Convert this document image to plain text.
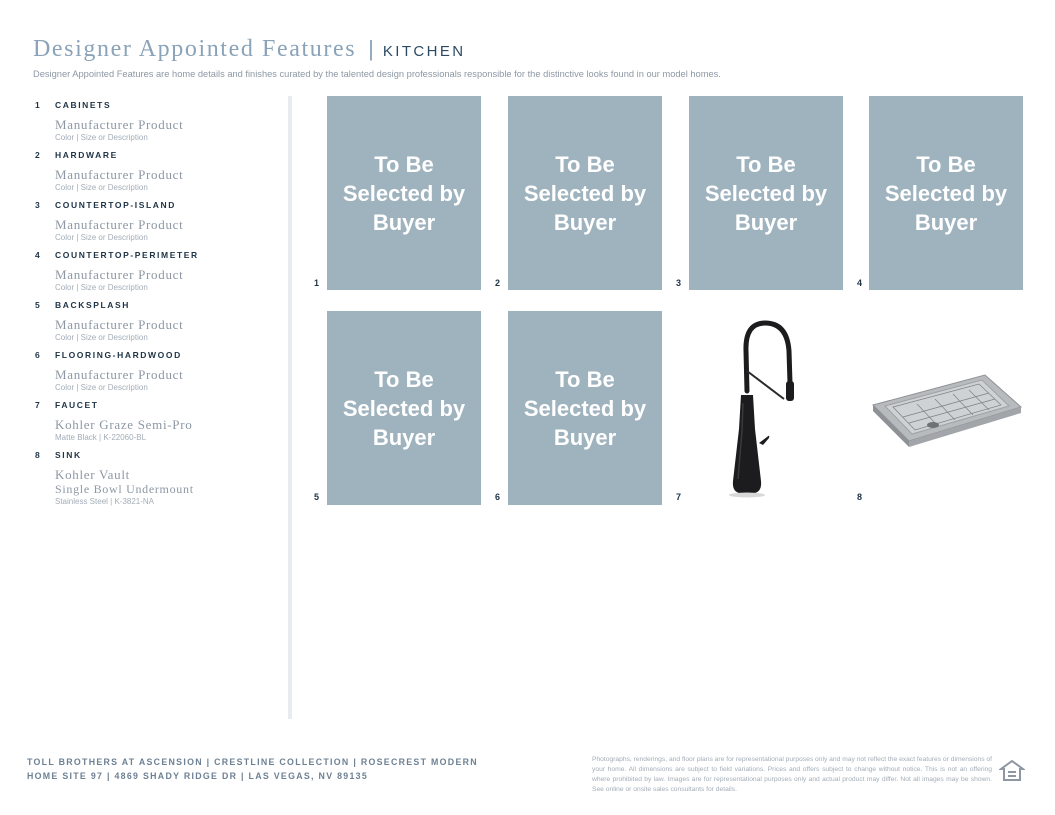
Designer Appointed Features | KITCHEN
Designer Appointed Features are home details and finishes curated by the talented design professionals responsible for the distinctive looks found in our model homes.
1 CABINETS
Manufacturer Product
Color | Size or Description
2 HARDWARE
Manufacturer Product
Color | Size or Description
3 COUNTERTOP-ISLAND
Manufacturer Product
Color | Size or Description
4 COUNTERTOP-PERIMETER
Manufacturer Product
Color | Size or Description
5 BACKSPLASH
Manufacturer Product
Color | Size or Description
6 FLOORING-HARDWOOD
Manufacturer Product
Color | Size or Description
7 FAUCET
Kohler Graze Semi-Pro
Matte Black | K-22060-BL
8 SINK
Kohler Vault
Single Bowl Undermount
Stainless Steel | K-3821-NA
1
To Be Selected by Buyer
2
To Be Selected by Buyer
3
To Be Selected by Buyer
4
To Be Selected by Buyer
5
To Be Selected by Buyer
6
To Be Selected by Buyer
7	8
TOLL BROTHERS AT ASCENSION | CRESTLINE COLLECTION | ROSECREST MODERN
HOME SITE 97 | 4869 SHADY RIDGE DR | LAS VEGAS, NV 89135
Photographs, renderings, and floor plans are for representational purposes only and may not reflect the exact features or dimensions of your home. All dimensions are subject to field variations. Prices and offers subject to change without notice. This is not an offering where prohibited by law. Images are for representational purposes only and actual product may differ. Not all images may be shown. See online or onsite sales consultants for details.
